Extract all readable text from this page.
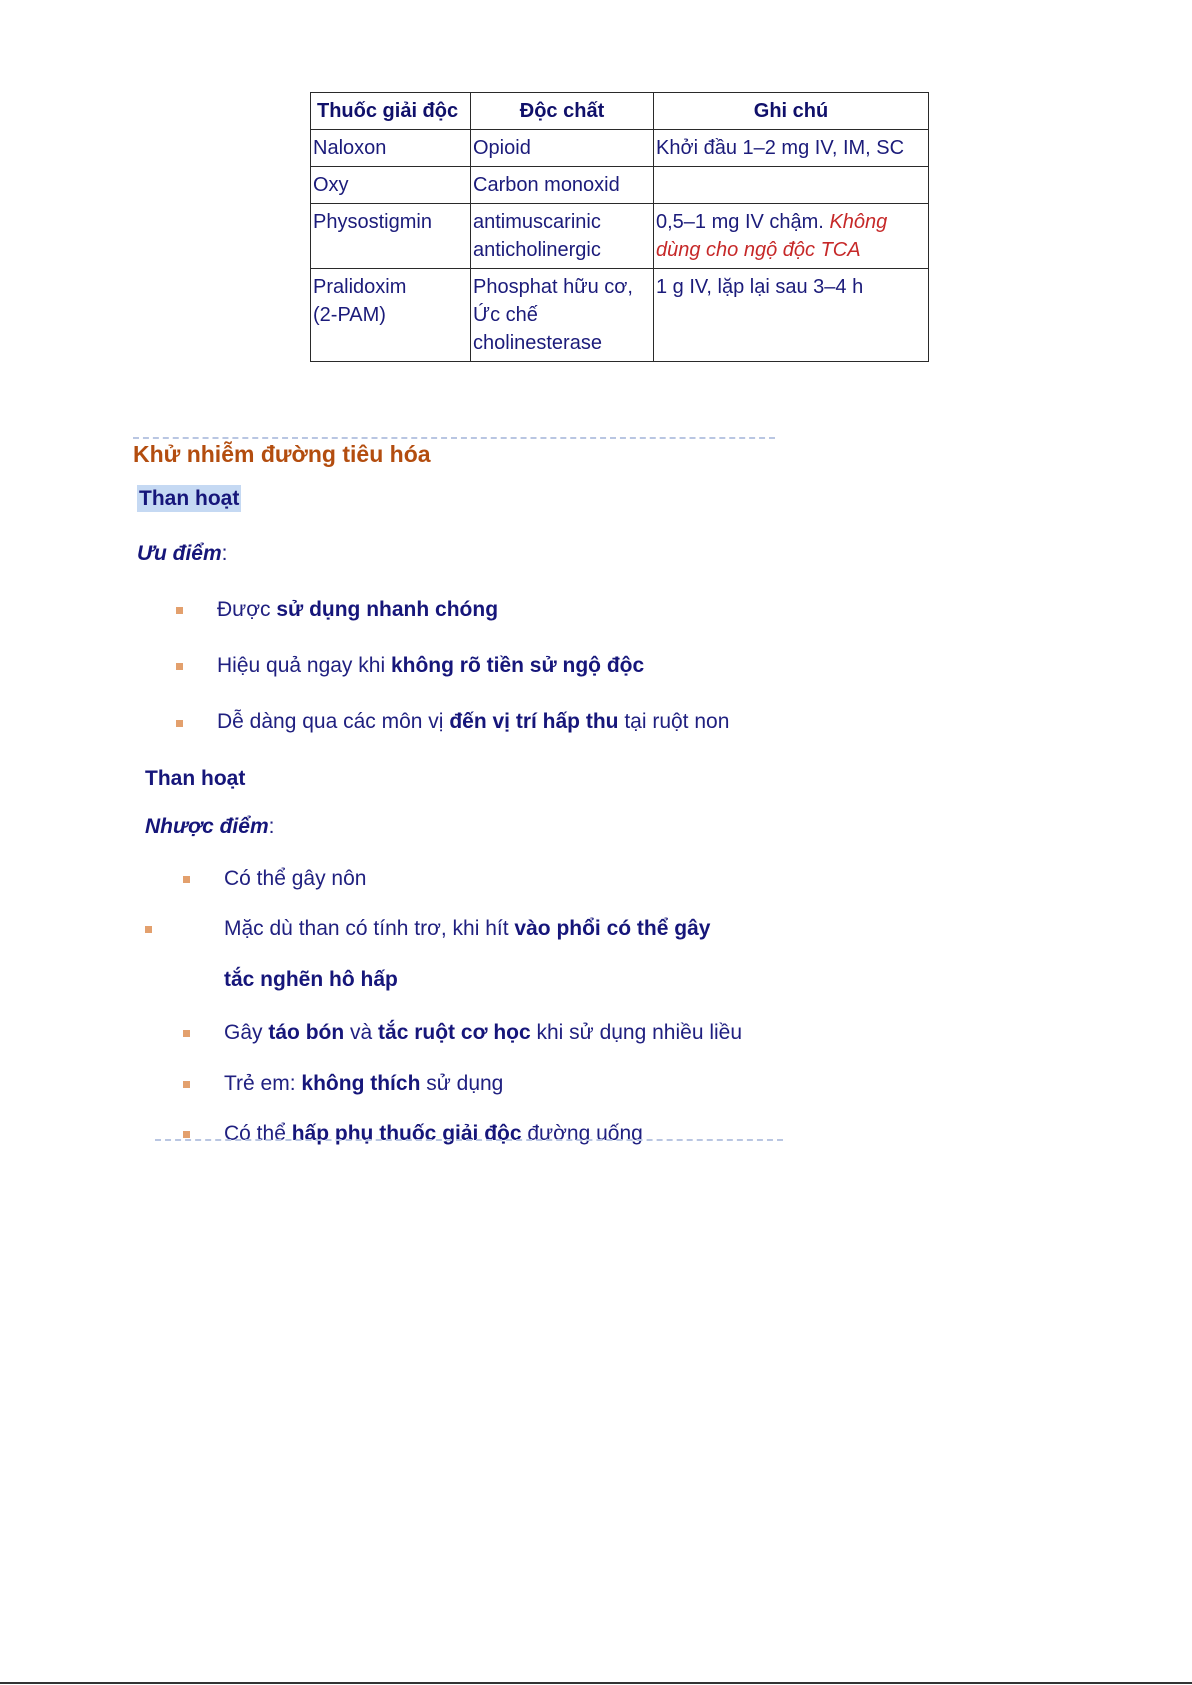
Thuốc giải độc	Độc chất	Ghi chú
Naloxon	Opioid	Khởi đầu 1–2 mg IV, IM, SC
Oxy	Carbon monoxid	
Physostigmin	antimuscarinic anticholinergic	0,5–1 mg IV chậm. Không dùng cho ngộ độc TCA
Pralidoxim (2-PAM)	Phosphat hữu cơ, Ức chế cholinesterase	1 g IV, lặp lại sau 3–4 h
Khử nhiễm đường tiêu hóa
Than hoạt
Ưu điểm:
Được sử dụng nhanh chóng
Hiệu quả ngay khi không rõ tiền sử ngộ độc
Dễ dàng qua các môn vị đến vị trí hấp thu tại ruột non
Than hoạt
Nhược điểm:
Có thể gây nôn
Mặc dù than có tính trơ, khi hít vào phổi có thể gây
tắc nghẽn hô hấp
Gây táo bón và tắc ruột cơ học khi sử dụng nhiều liều
Trẻ em: không thích sử dụng
Có thể hấp phụ thuốc giải độc đường uống
